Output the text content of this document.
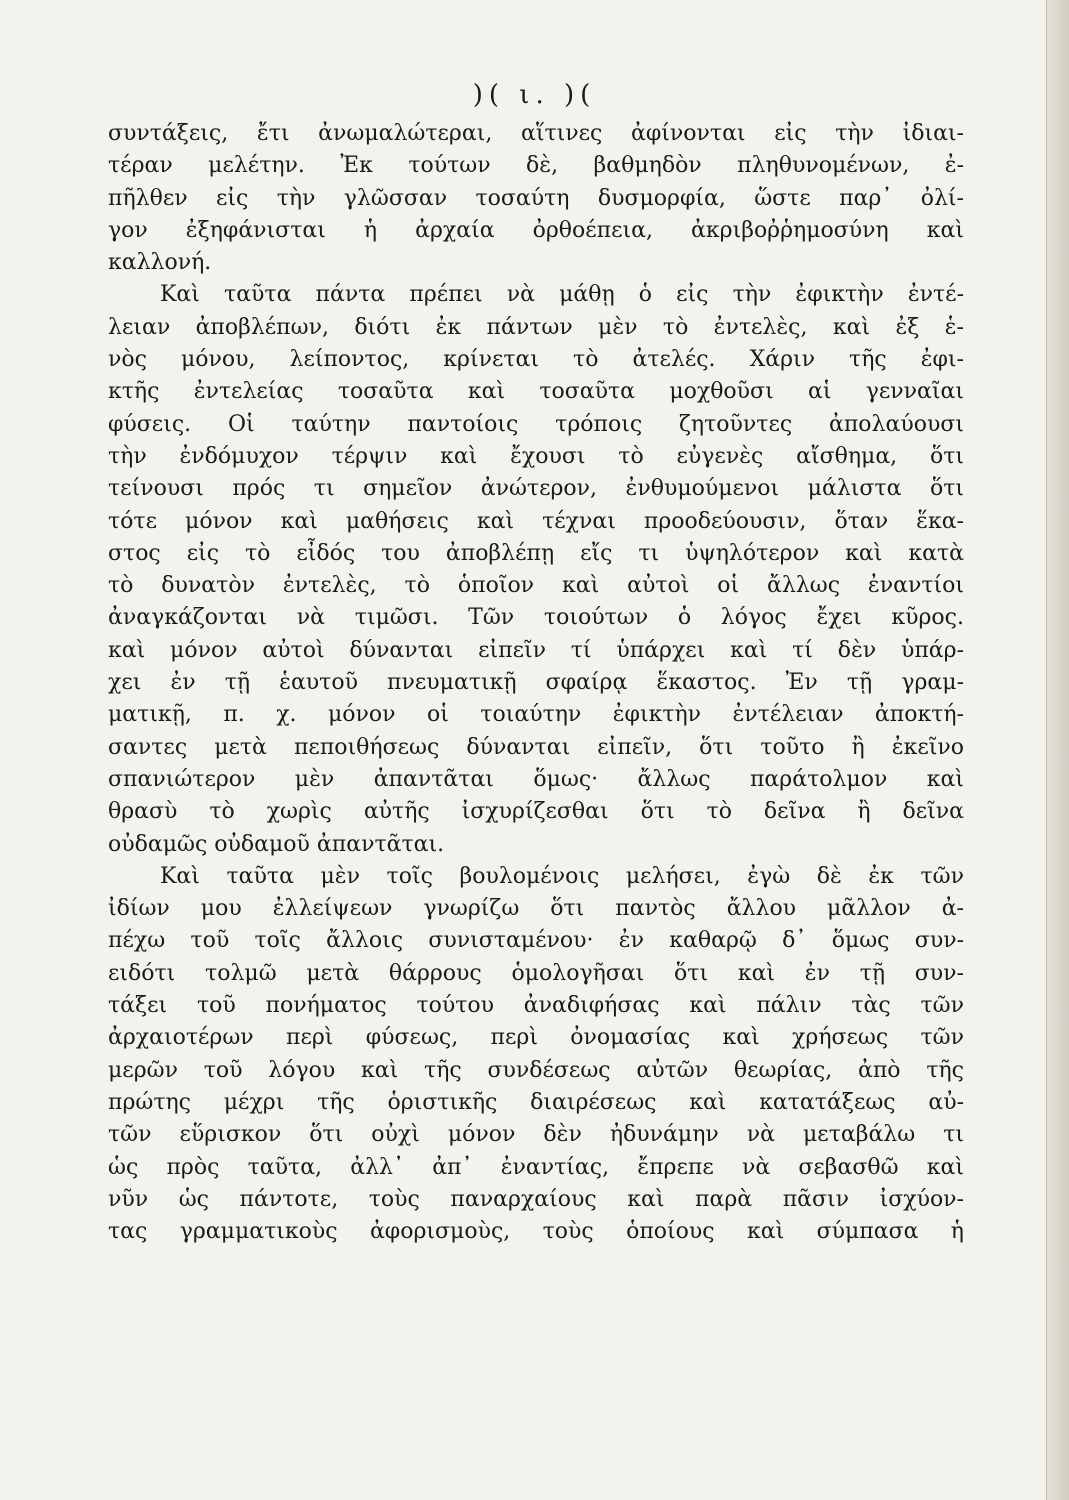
)( ι. )(
συντάξεις, ἔτι ἀνωμαλώτεραι, αἵτινες ἀφίνονται εἰς τὴν ἰδιαι-
τέραν μελέτην. Ἐκ τούτων δὲ, βαθμηδὸν πληθυνομένων, ἐ-
πῆλθεν εἰς τὴν γλῶσσαν τοσαύτη δυσμορφία, ὥστε παρ᾽ ὀλί-
γον ἐξηφάνισται ἡ ἀρχαία ὀρθοέπεια, ἀκριβοῤῥημοσύνη καὶ
καλλονή.
Καὶ ταῦτα πάντα πρέπει νὰ μάθῃ ὁ εἰς τὴν ἐφικτὴν ἐντέ-
λειαν ἀποβλέπων, διότι ἐκ πάντων μὲν τὸ ἐντελὲς, καὶ ἐξ ἑ-
νὸς μόνου, λείποντος, κρίνεται τὸ ἀτελές. Χάριν τῆς ἐφι-
κτῆς ἐντελείας τοσαῦτα καὶ τοσαῦτα μοχθοῦσι αἱ γενναῖαι
φύσεις. Οἱ ταύτην παντοίοις τρόποις ζητοῦντες ἀπολαύουσι
τὴν ἐνδόμυχον τέρψιν καὶ ἔχουσι τὸ εὐγενὲς αἴσθημα, ὅτι
τείνουσι πρός τι σημεῖον ἀνώτερον, ἐνθυμούμενοι μάλιστα ὅτι
τότε μόνον καὶ μαθήσεις καὶ τέχναι προοδεύουσιν, ὅταν ἕκα-
στος εἰς τὸ εἶδός του ἀποβλέπῃ εἴς τι ὑψηλότερον καὶ κατὰ
τὸ δυνατὸν ἐντελὲς, τὸ ὁποῖον καὶ αὐτοὶ οἱ ἄλλως ἐναντίοι
ἀναγκάζονται νὰ τιμῶσι. Τῶν τοιούτων ὁ λόγος ἔχει κῦρος.
καὶ μόνον αὐτοὶ δύνανται εἰπεῖν τί ὑπάρχει καὶ τί δὲν ὑπάρ-
χει ἐν τῇ ἑαυτοῦ πνευματικῇ σφαίρᾳ ἕκαστος. Ἐν τῇ γραμ-
ματικῇ, π. χ. μόνον οἱ τοιαύτην ἐφικτὴν ἐντέλειαν ἀποκτή-
σαντες μετὰ πεποιθήσεως δύνανται εἰπεῖν, ὅτι τοῦτο ἢ ἐκεῖνο
σπανιώτερον μὲν ἀπαντᾶται ὅμως· ἄλλως παράτολμον καὶ
θρασὺ τὸ χωρὶς αὐτῆς ἰσχυρίζεσθαι ὅτι τὸ δεῖνα ἢ δεῖνα
οὐδαμῶς οὐδαμοῦ ἀπαντᾶται.
Καὶ ταῦτα μὲν τοῖς βουλομένοις μελήσει, ἐγὼ δὲ ἐκ τῶν
ἰδίων μου ἐλλείψεων γνωρίζω ὅτι παντὸς ἄλλου μᾶλλον ἀ-
πέχω τοῦ τοῖς ἄλλοις συνισταμένου· ἐν καθαρῷ δ᾽ ὅμως συν-
ειδότι τολμῶ μετὰ θάρρους ὁμολογῆσαι ὅτι καὶ ἐν τῇ συν-
τάξει τοῦ πονήματος τούτου ἀναδιφήσας καὶ πάλιν τὰς τῶν
ἀρχαιοτέρων περὶ φύσεως, περὶ ὀνομασίας καὶ χρήσεως τῶν
μερῶν τοῦ λόγου καὶ τῆς συνδέσεως αὐτῶν θεωρίας, ἀπὸ τῆς
πρώτης μέχρι τῆς ὁριστικῆς διαιρέσεως καὶ κατατάξεως αὐ-
τῶν εὕρισκον ὅτι οὐχὶ μόνον δὲν ἠδυνάμην νὰ μεταβάλω τι
ὡς πρὸς ταῦτα, ἀλλ᾽ ἀπ᾽ ἐναντίας, ἔπρεπε νὰ σεβασθῶ καὶ
νῦν ὡς πάντοτε, τοὺς παναρχαίους καὶ παρὰ πᾶσιν ἰσχύον-
τας γραμματικοὺς ἀφορισμοὺς, τοὺς ὁποίους καὶ σύμπασα ἡ
